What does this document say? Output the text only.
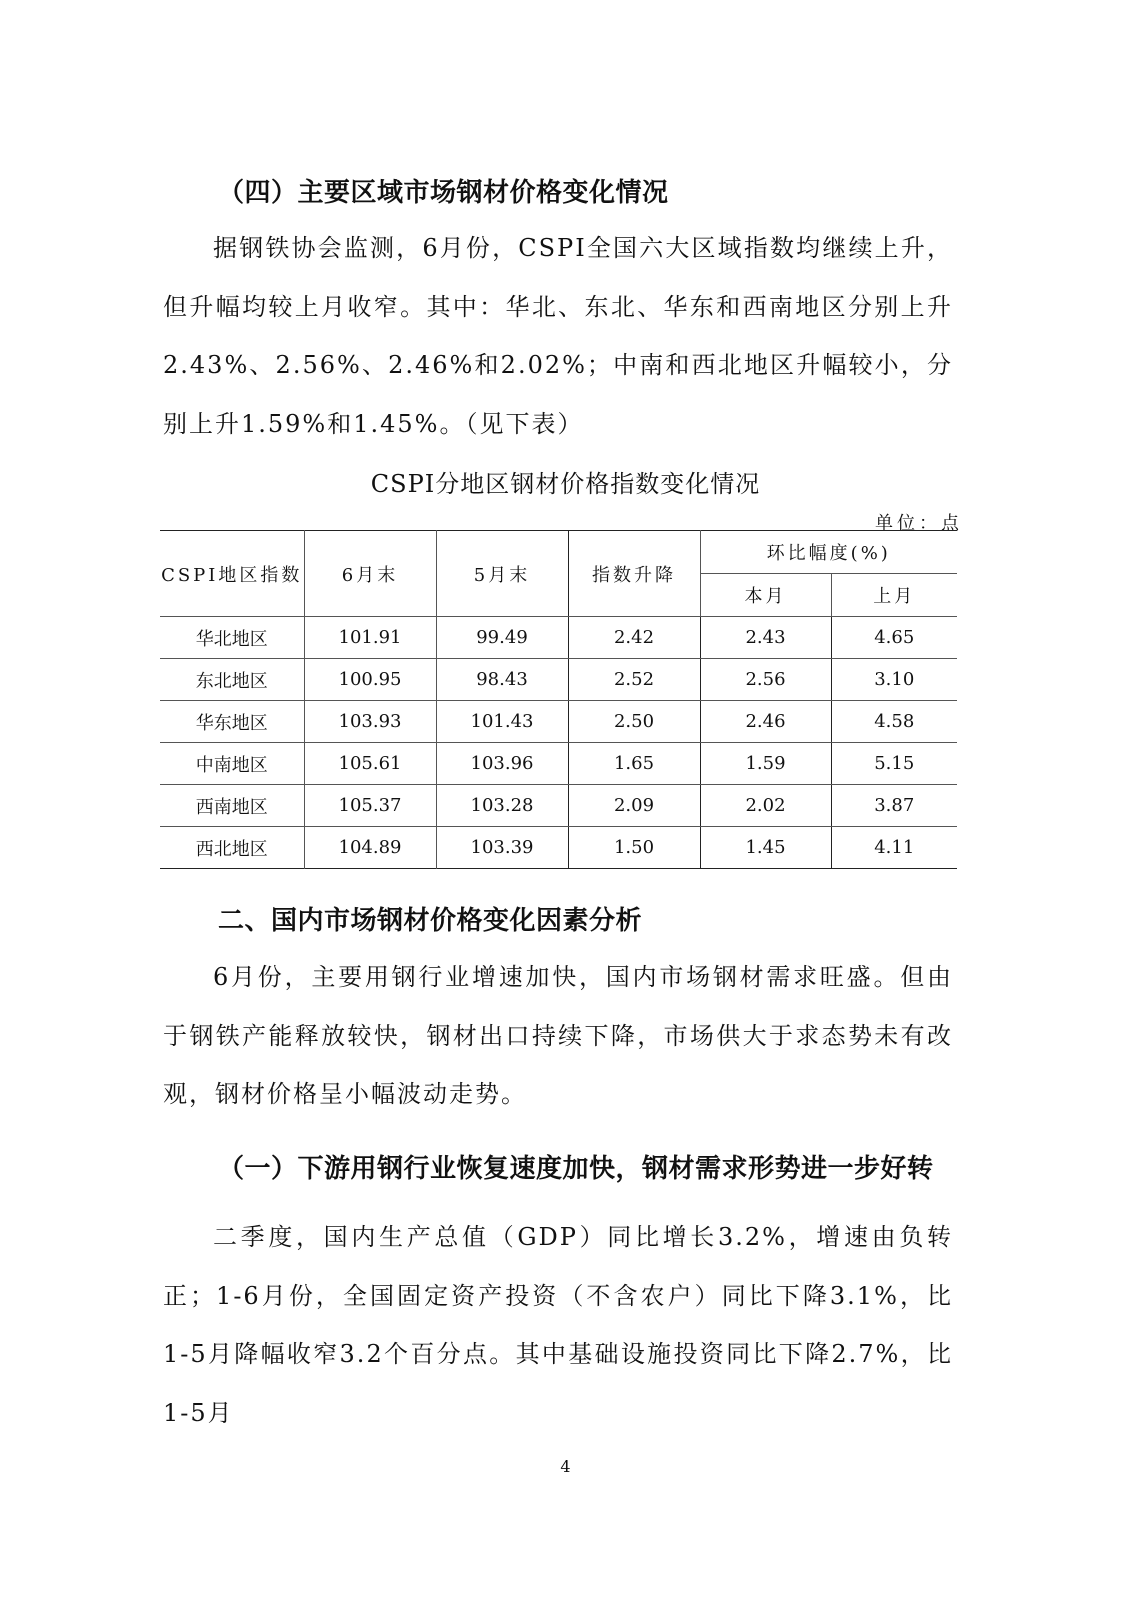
（四）主要区域市场钢材价格变化情况

据钢铁协会监测，6月份，CSPI全国六大区域指数均继续上升，但升幅均较上月收窄。其中：华北、东北、华东和西南地区分别上升2.43%、2.56%、2.46%和2.02%；中南和西北地区升幅较小，分别上升1.59%和1.45%。（见下表）

CSPI分地区钢材价格指数变化情况
单位：点
CSPI地区指数	6月末	5月末	指数升降	环比幅度(%)	
				本月	上月
华北地区	101.91	99.49	2.42	2.43	4.65
东北地区	100.95	98.43	2.52	2.56	3.10
华东地区	103.93	101.43	2.50	2.46	4.58
中南地区	105.61	103.96	1.65	1.59	5.15
西南地区	105.37	103.28	2.09	2.02	3.87
西北地区	104.89	103.39	1.50	1.45	4.11
二、国内市场钢材价格变化因素分析

6月份，主要用钢行业增速加快，国内市场钢材需求旺盛。但由于钢铁产能释放较快，钢材出口持续下降，市场供大于求态势未有改观，钢材价格呈小幅波动走势。

（一）下游用钢行业恢复速度加快，钢材需求形势进一步好转

二季度，国内生产总值（GDP）同比增长3.2%，增速由负转正；1-6月份，全国固定资产投资（不含农户）同比下降3.1%，比1-5月降幅收窄3.2个百分点。其中基础设施投资同比下降2.7%，比1-5月

4
